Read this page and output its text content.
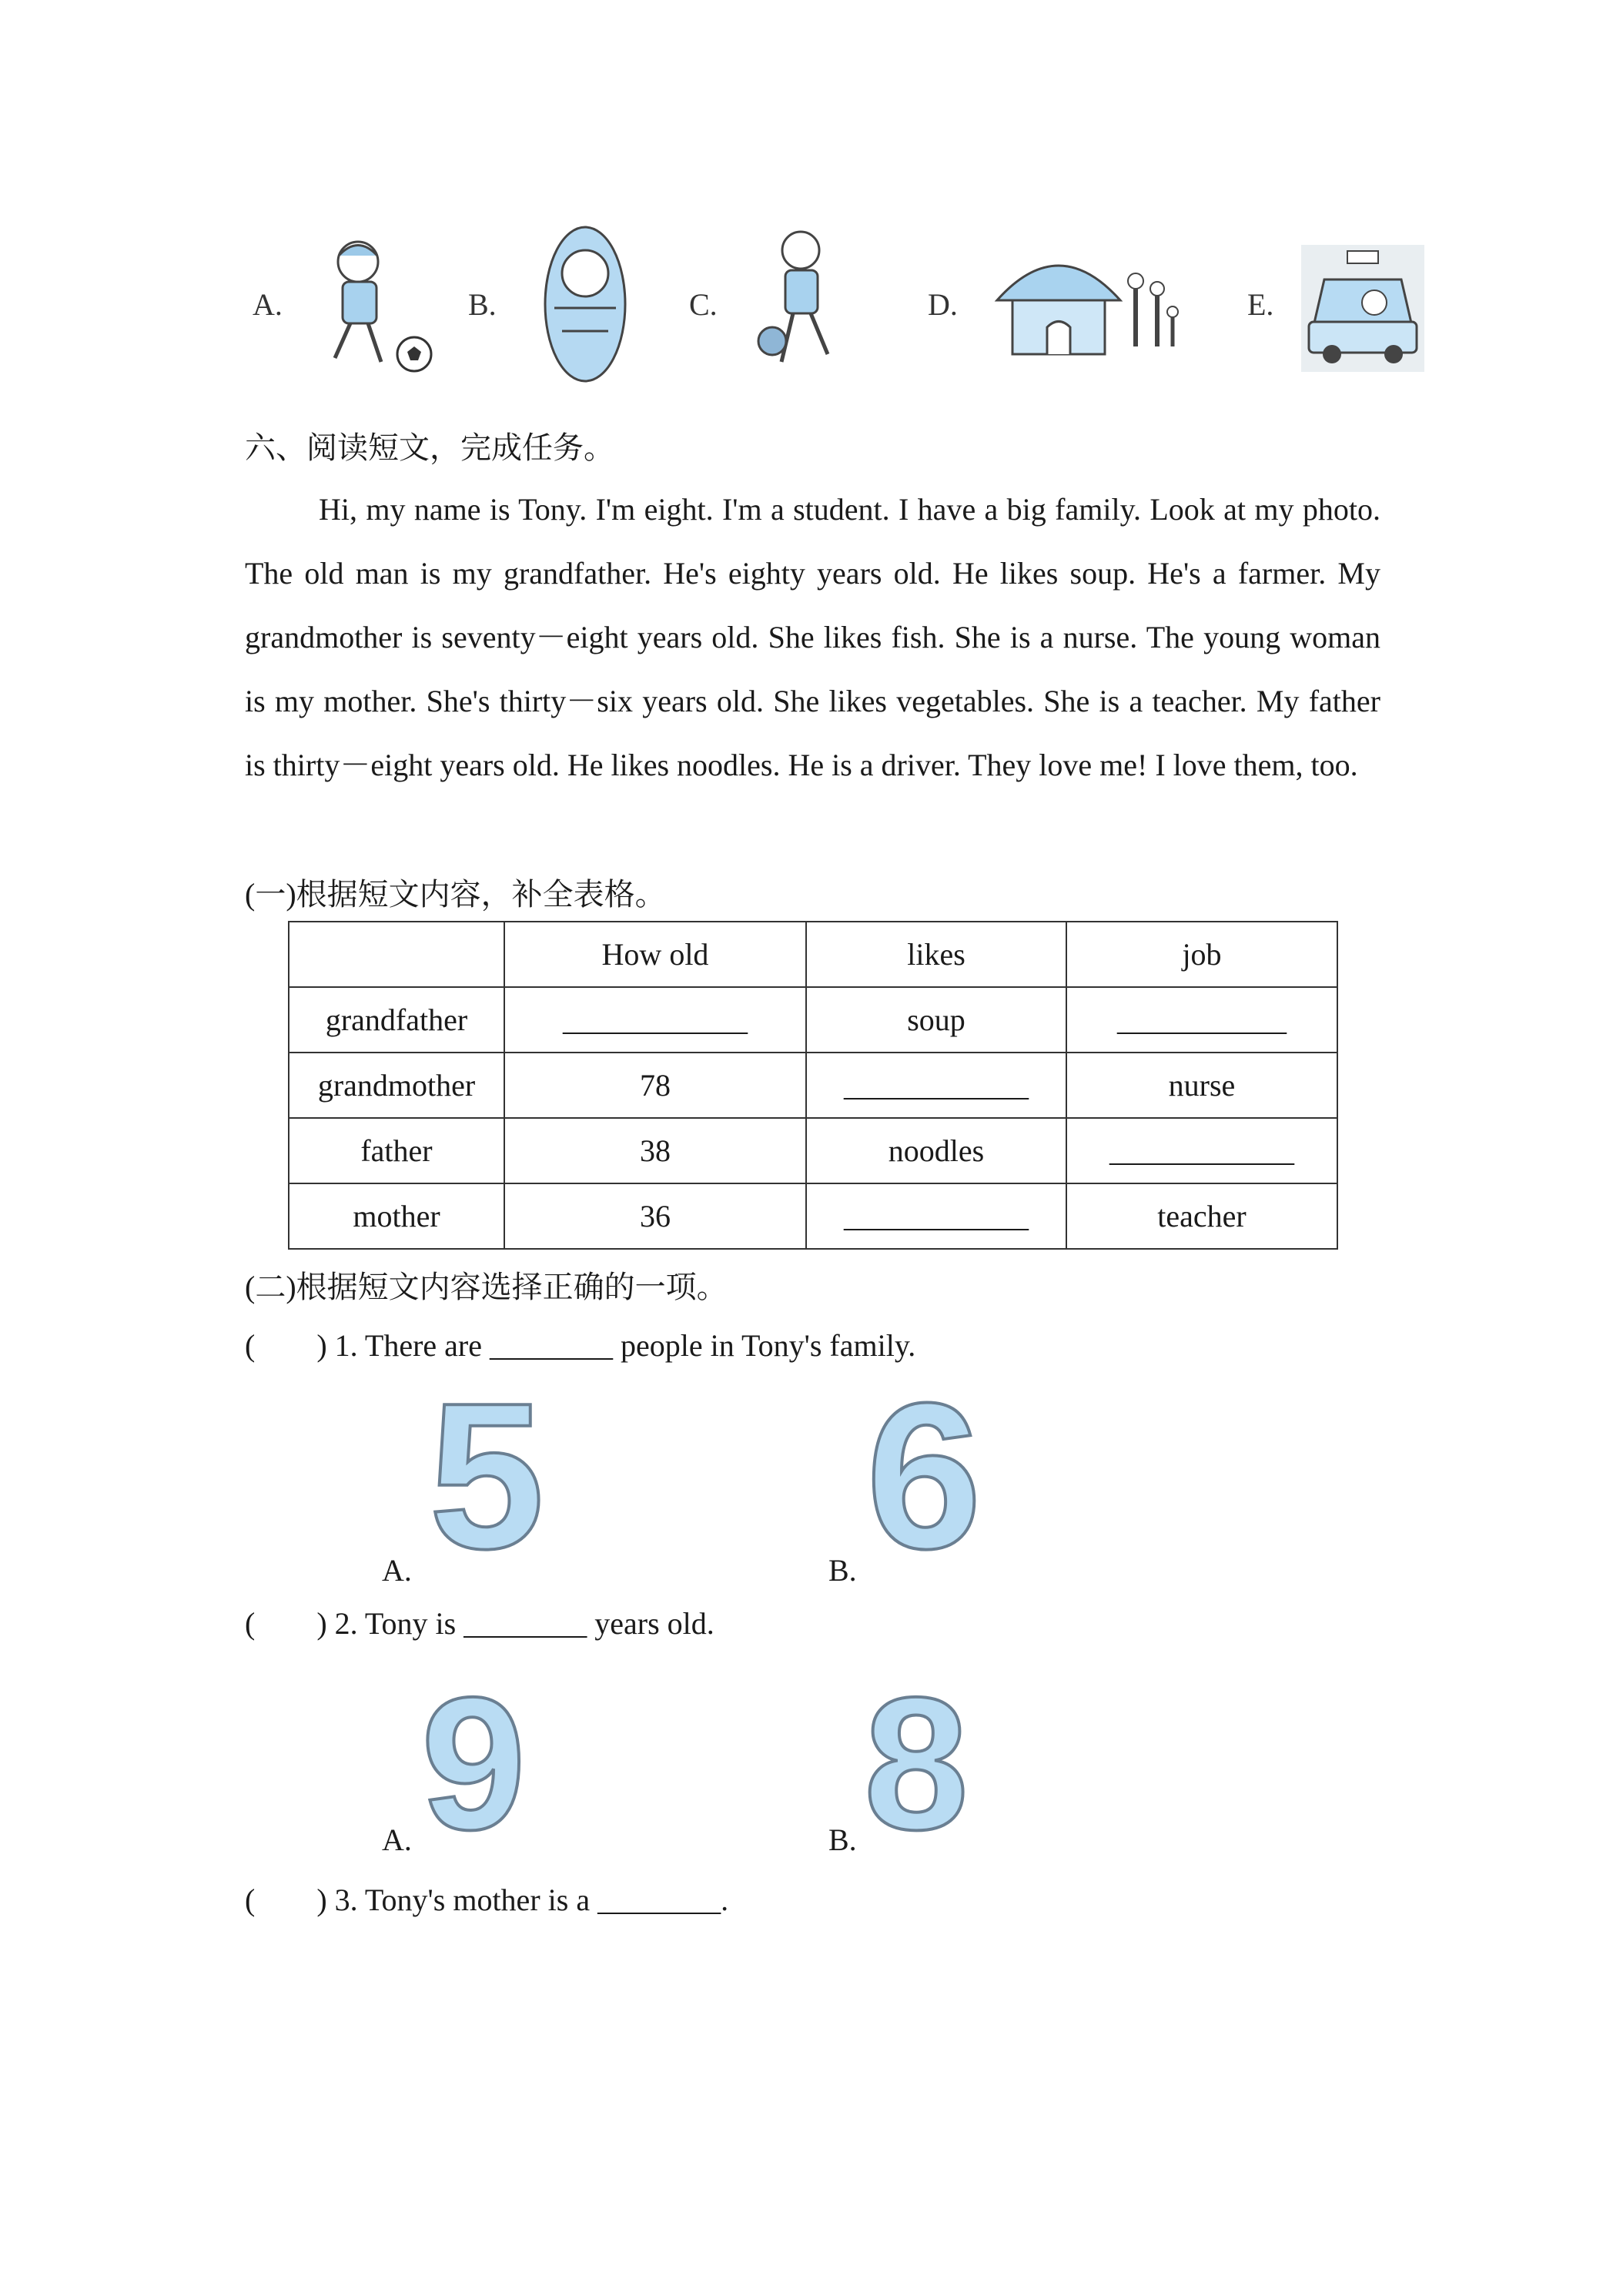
A.	B.	C.	D.	E.
六、阅读短文，完成任务。

Hi, my name is Tony. I'm eight. I'm a student. I have a big family. Look at my photo. The old man is my grandfather. He's eighty years old. He likes soup. He's a farmer. My grandmother is seventy－eight years old. She likes fish. She is a nurse. The young woman is my mother. She's thirty－six years old. She likes vegetables. She is a teacher. My father is thirty－eight years old. He likes noodles. He is a driver. They love me! I love them, too.

(一)根据短文内容，补全表格。
	How old	likes	job
grandfather	____________	soup	___________
grandmother	78	____________	nurse
father	38	noodles	____________
mother	36	____________	teacher
(二)根据短文内容选择正确的一项。
(        ) 1. There are ________ people in Tony's family.
A. 5	B. 6
(        ) 2. Tony is ________ years old.
A. 9	B. 8
(        ) 3. Tony's mother is a ________.
